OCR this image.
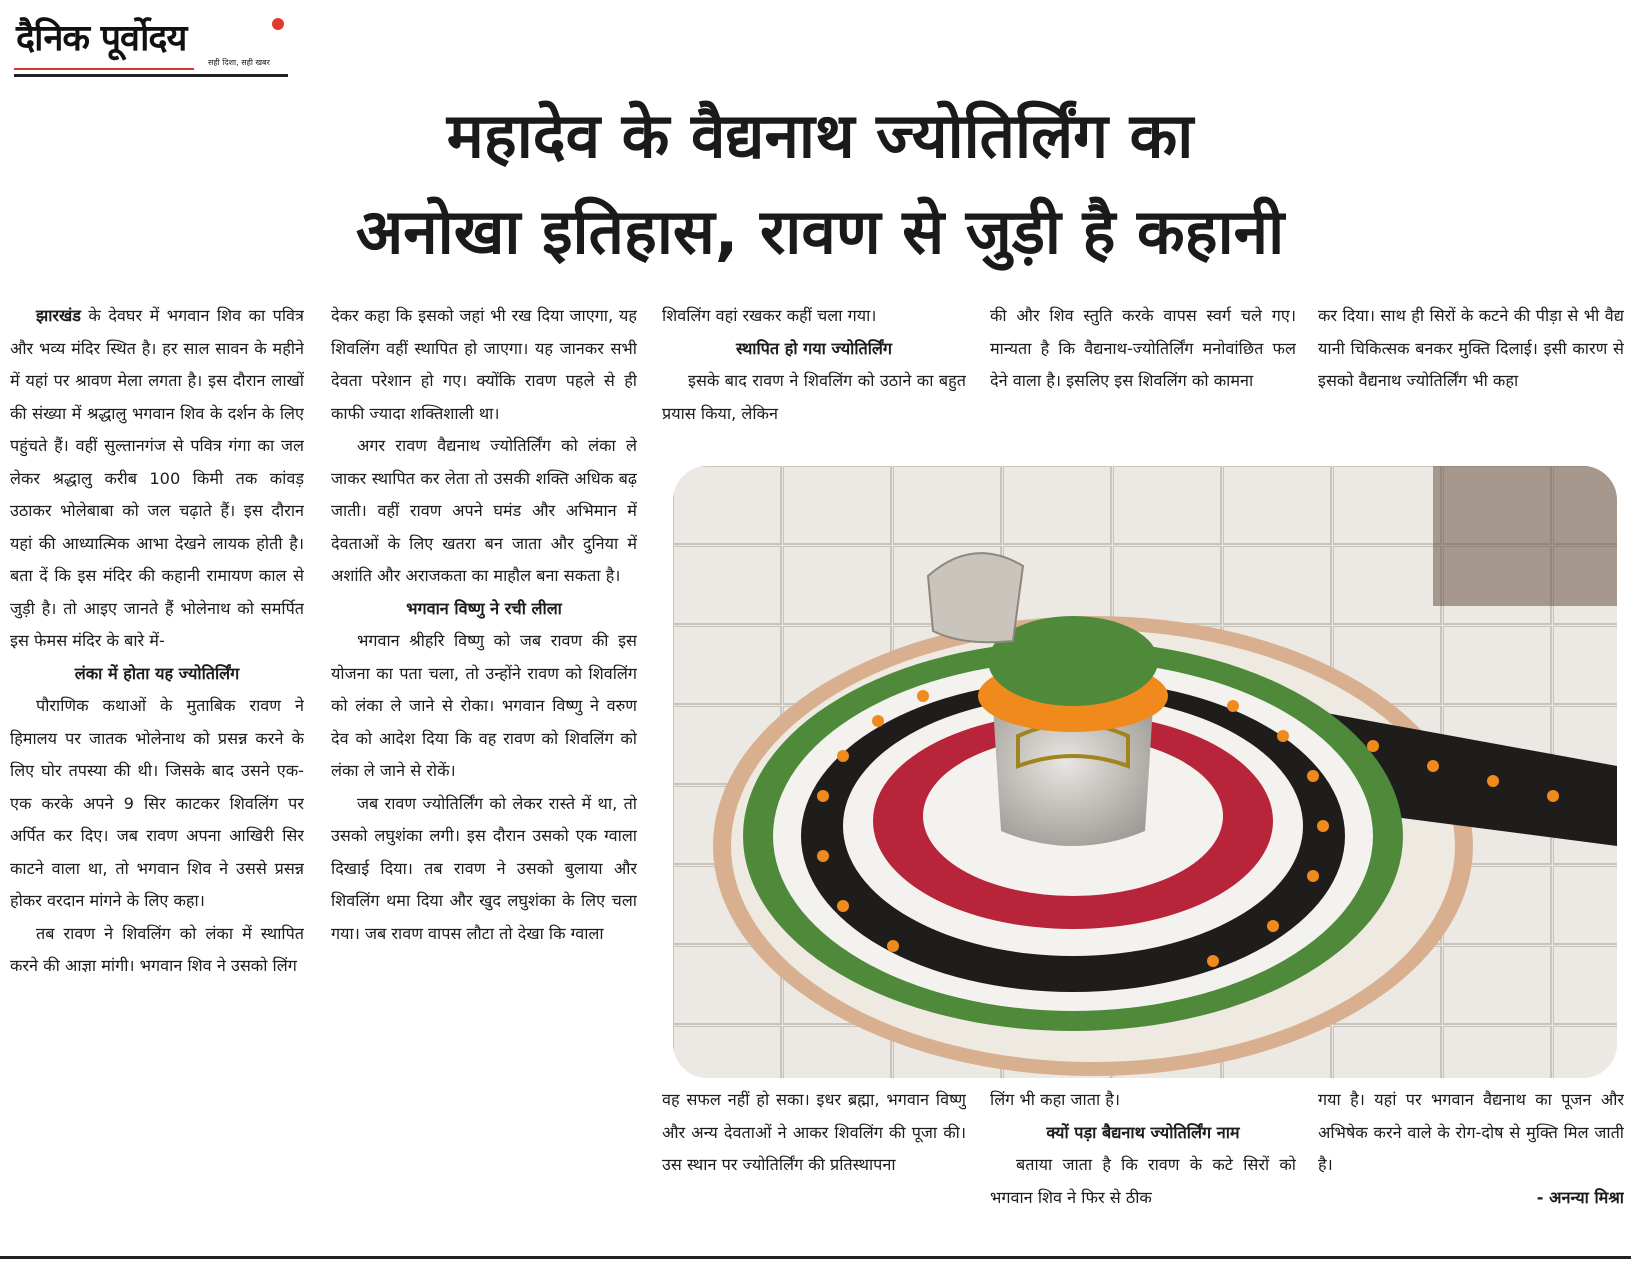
दैनिक पूर्वोदय
सही दिशा, सही खबर
महादेव के वैद्यनाथ ज्योतिर्लिंग का
अनोखा इतिहास, रावण से जुड़ी है कहानी

झारखंड के देवघर में भगवान शिव का पवित्र और भव्य मंदिर स्थित है। हर साल सावन के महीने में यहां पर श्रावण मेला लगता है। इस दौरान लाखों की संख्या में श्रद्धालु भगवान शिव के दर्शन के लिए पहुंचते हैं। वहीं सुल्तानगंज से पवित्र गंगा का जल लेकर श्रद्धालु करीब 100 किमी तक कांवड़ उठाकर भोलेबाबा को जल चढ़ाते हैं। इस दौरान यहां की आध्यात्मिक आभा देखने लायक होती है। बता दें कि इस मंदिर की कहानी रामायण काल से जुड़ी है। तो आइए जानते हैं भोलेनाथ को समर्पित इस फेमस मंदिर के बारे में-

लंका में होता यह ज्योतिर्लिंग

पौराणिक कथाओं के मुताबिक रावण ने हिमालय पर जातक भोलेनाथ को प्रसन्न करने के लिए घोर तपस्या की थी। जिसके बाद उसने एक-एक करके अपने 9 सिर काटकर शिवलिंग पर अर्पित कर दिए। जब रावण अपना आखिरी सिर काटने वाला था, तो भगवान शिव ने उससे प्रसन्न होकर वरदान मांगने के लिए कहा।

तब रावण ने शिवलिंग को लंका में स्थापित करने की आज्ञा मांगी। भगवान शिव ने उसको लिंग

देकर कहा कि इसको जहां भी रख दिया जाएगा, यह शिवलिंग वहीं स्थापित हो जाएगा। यह जानकर सभी देवता परेशान हो गए। क्योंकि रावण पहले से ही काफी ज्यादा शक्तिशाली था।

अगर रावण वैद्यनाथ ज्योतिर्लिंग को लंका ले जाकर स्थापित कर लेता तो उसकी शक्ति अधिक बढ़ जाती। वहीं रावण अपने घमंड और अभिमान में देवताओं के लिए खतरा बन जाता और दुनिया में अशांति और अराजकता का माहौल बना सकता है।

भगवान विष्णु ने रची लीला

भगवान श्रीहरि विष्णु को जब रावण की इस योजना का पता चला, तो उन्होंने रावण को शिवलिंग को लंका ले जाने से रोका। भगवान विष्णु ने वरुण देव को आदेश दिया कि वह रावण को शिवलिंग को लंका ले जाने से रोकें।

जब रावण ज्योतिर्लिंग को लेकर रास्ते में था, तो उसको लघुशंका लगी। इस दौरान उसको एक ग्वाला दिखाई दिया। तब रावण ने उसको बुलाया और शिवलिंग थमा दिया और खुद लघुशंका के लिए चला गया। जब रावण वापस लौटा तो देखा कि ग्वाला

शिवलिंग वहां रखकर कहीं चला गया।

स्थापित हो गया ज्योतिर्लिंग

इसके बाद रावण ने शिवलिंग को उठाने का बहुत प्रयास किया, लेकिन

की और शिव स्तुति करके वापस स्वर्ग चले गए। मान्यता है कि वैद्यनाथ-ज्योतिर्लिंग मनोवांछित फल देने वाला है। इसलिए इस शिवलिंग को कामना

कर दिया। साथ ही सिरों के कटने की पीड़ा से भी वैद्य यानी चिकित्सक बनकर मुक्ति दिलाई। इसी कारण से इसको वैद्यनाथ ज्योतिर्लिंग भी कहा

वह सफल नहीं हो सका। इधर ब्रह्मा, भगवान विष्णु और अन्य देवताओं ने आकर शिवलिंग की पूजा की। उस स्थान पर ज्योतिर्लिंग की प्रतिस्थापना

लिंग भी कहा जाता है।

क्यों पड़ा बैद्यनाथ ज्योतिर्लिंग नाम

बताया जाता है कि रावण के कटे सिरों को भगवान शिव ने फिर से ठीक

गया है। यहां पर भगवान वैद्यनाथ का पूजन और अभिषेक करने वाले के रोग-दोष से मुक्ति मिल जाती है।

- अनन्या मिश्रा
